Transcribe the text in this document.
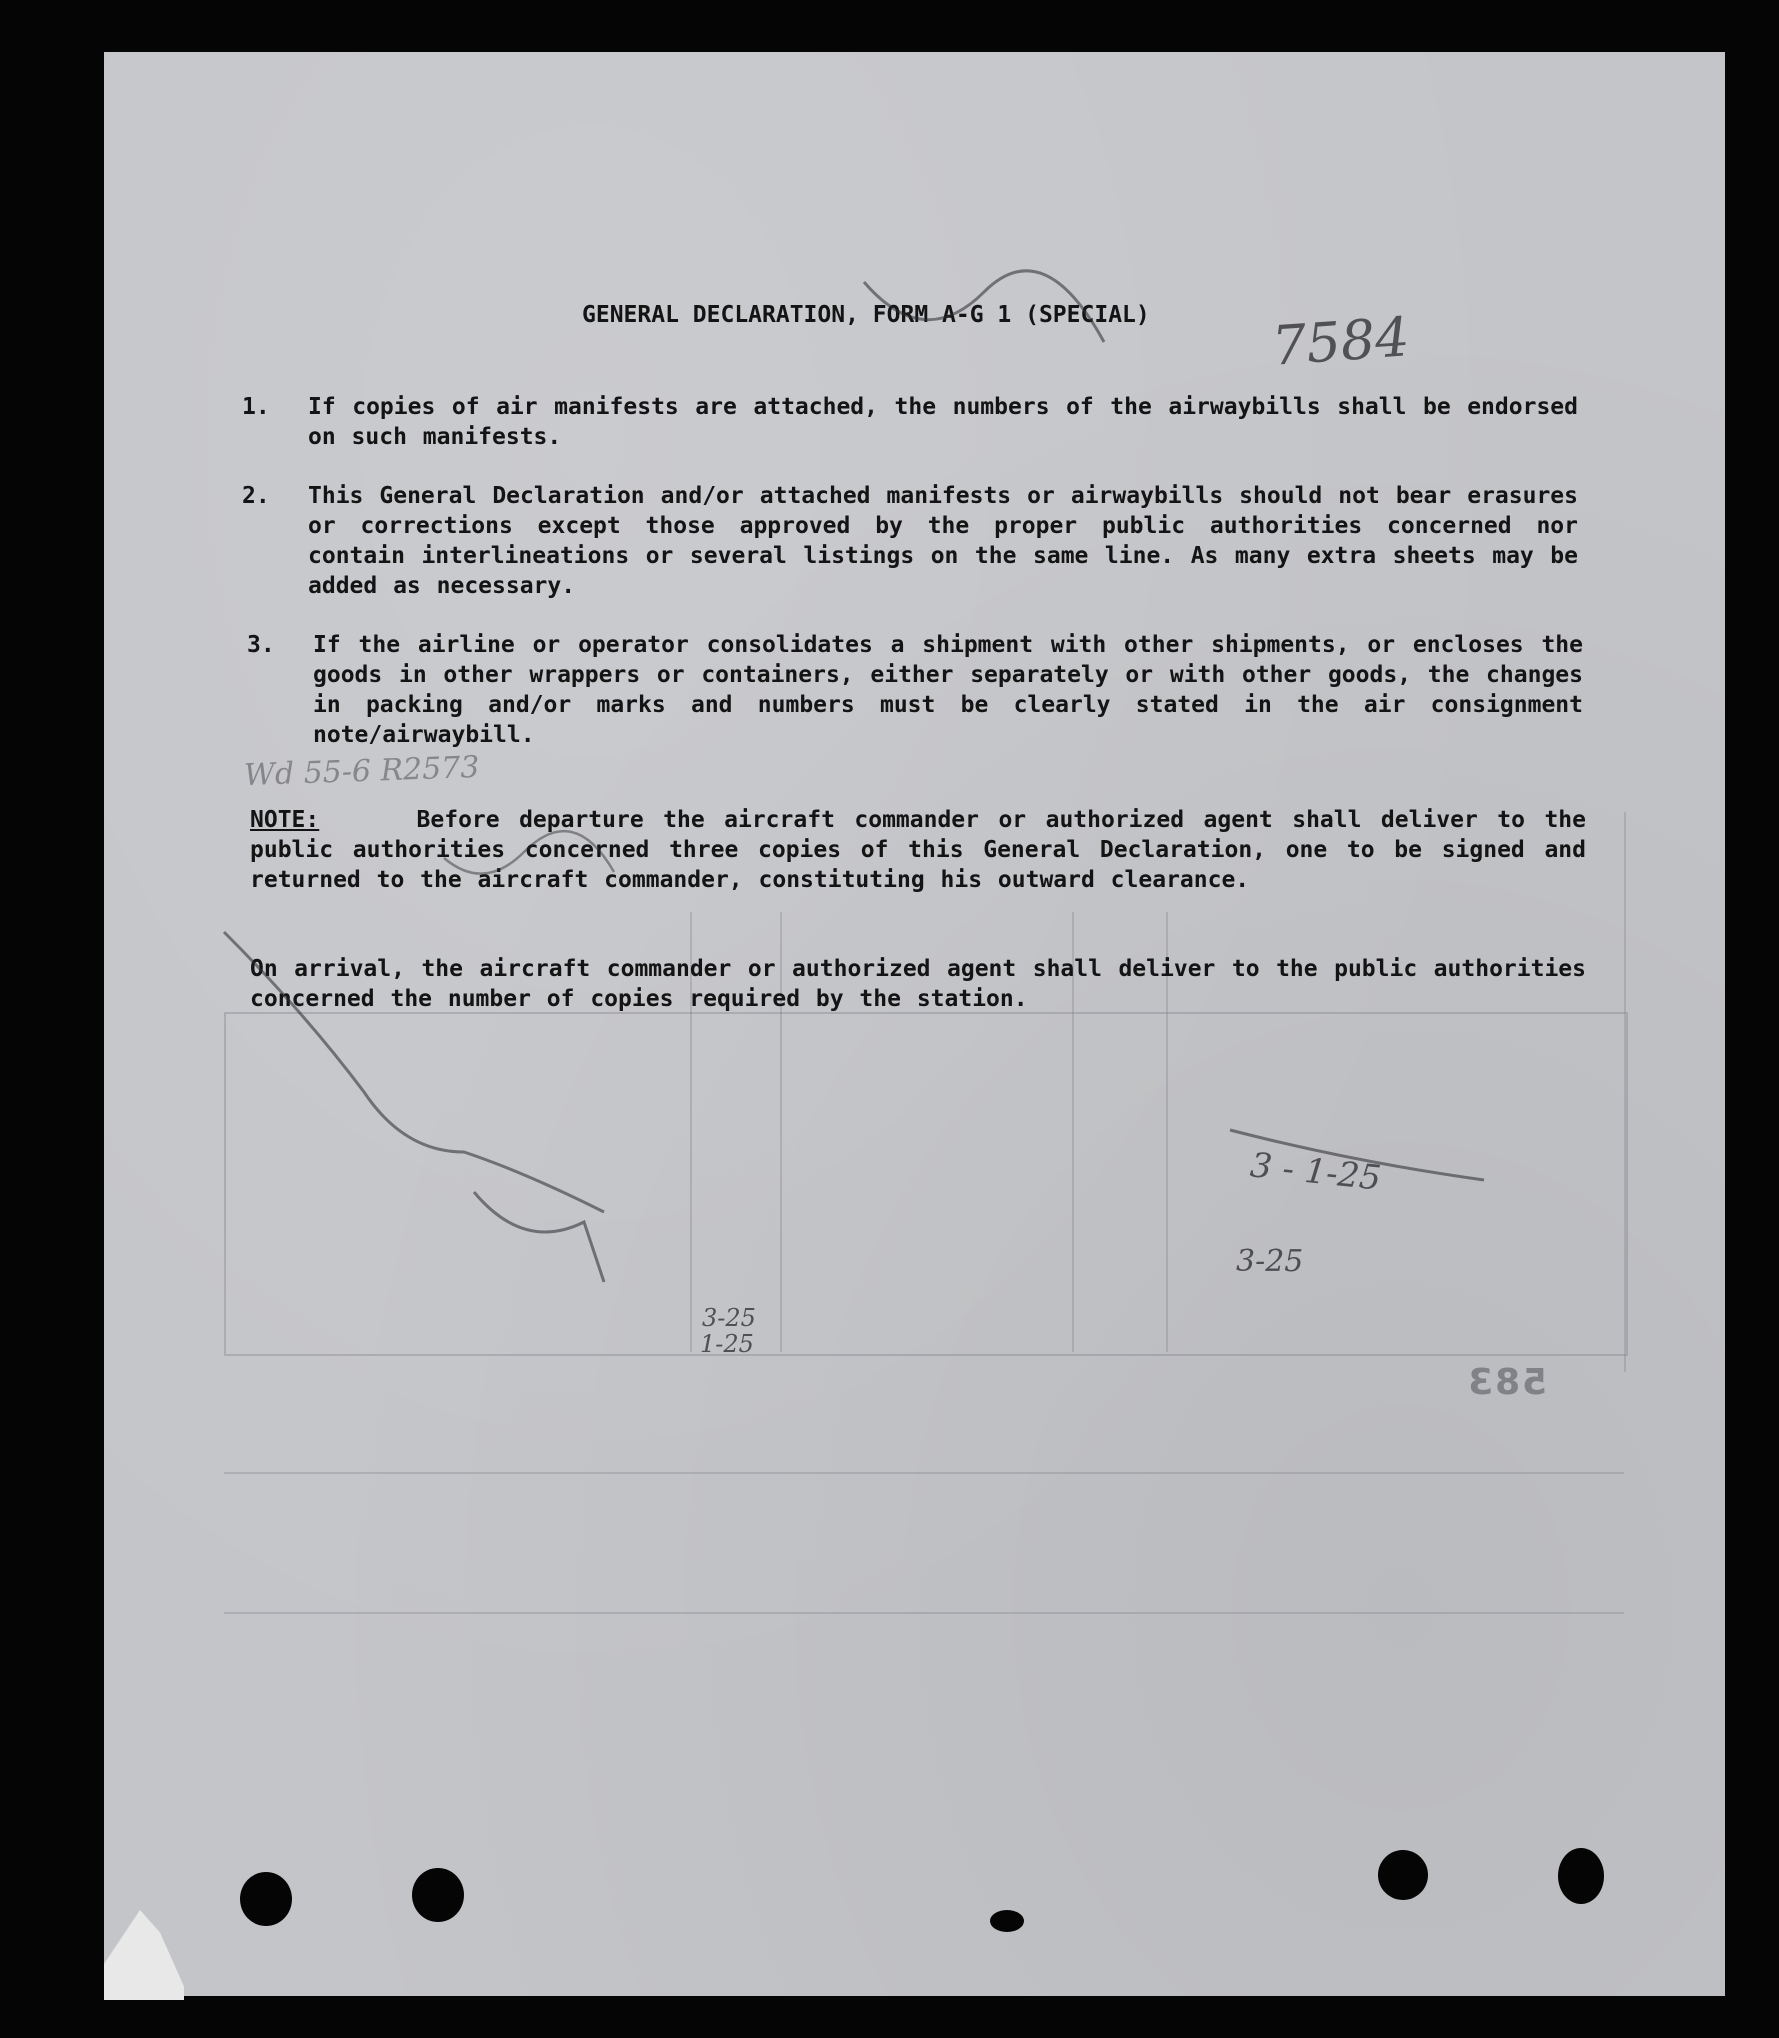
GENERAL DECLARATION, FORM A-G 1 (SPECIAL)
1. If copies of air manifests are attached, the numbers of the airwaybills shall be endorsed on such manifests.
2. This General Declaration and/or attached manifests or airwaybills should not bear erasures or corrections except those approved by the proper public authorities concerned nor contain interlineations or several listings on the same line. As many extra sheets may be added as necessary.
3. If the airline or operator consolidates a shipment with other shipments, or encloses the goods in other wrappers or containers, either separately or with other goods, the changes in packing and/or marks and numbers must be clearly stated in the air consignment note/airwaybill.
NOTE:	Before departure the aircraft commander or authorized agent shall deliver to the public authorities concerned three copies of this General Declaration, one to be signed and returned to the aircraft commander, constituting his outward clearance.
On arrival, the aircraft commander or authorized agent shall deliver to the public authorities concerned the number of copies required by the station.
583
7584
Wd 55-6 R2573
3 - 1-25
3-25
3-25
1-25
